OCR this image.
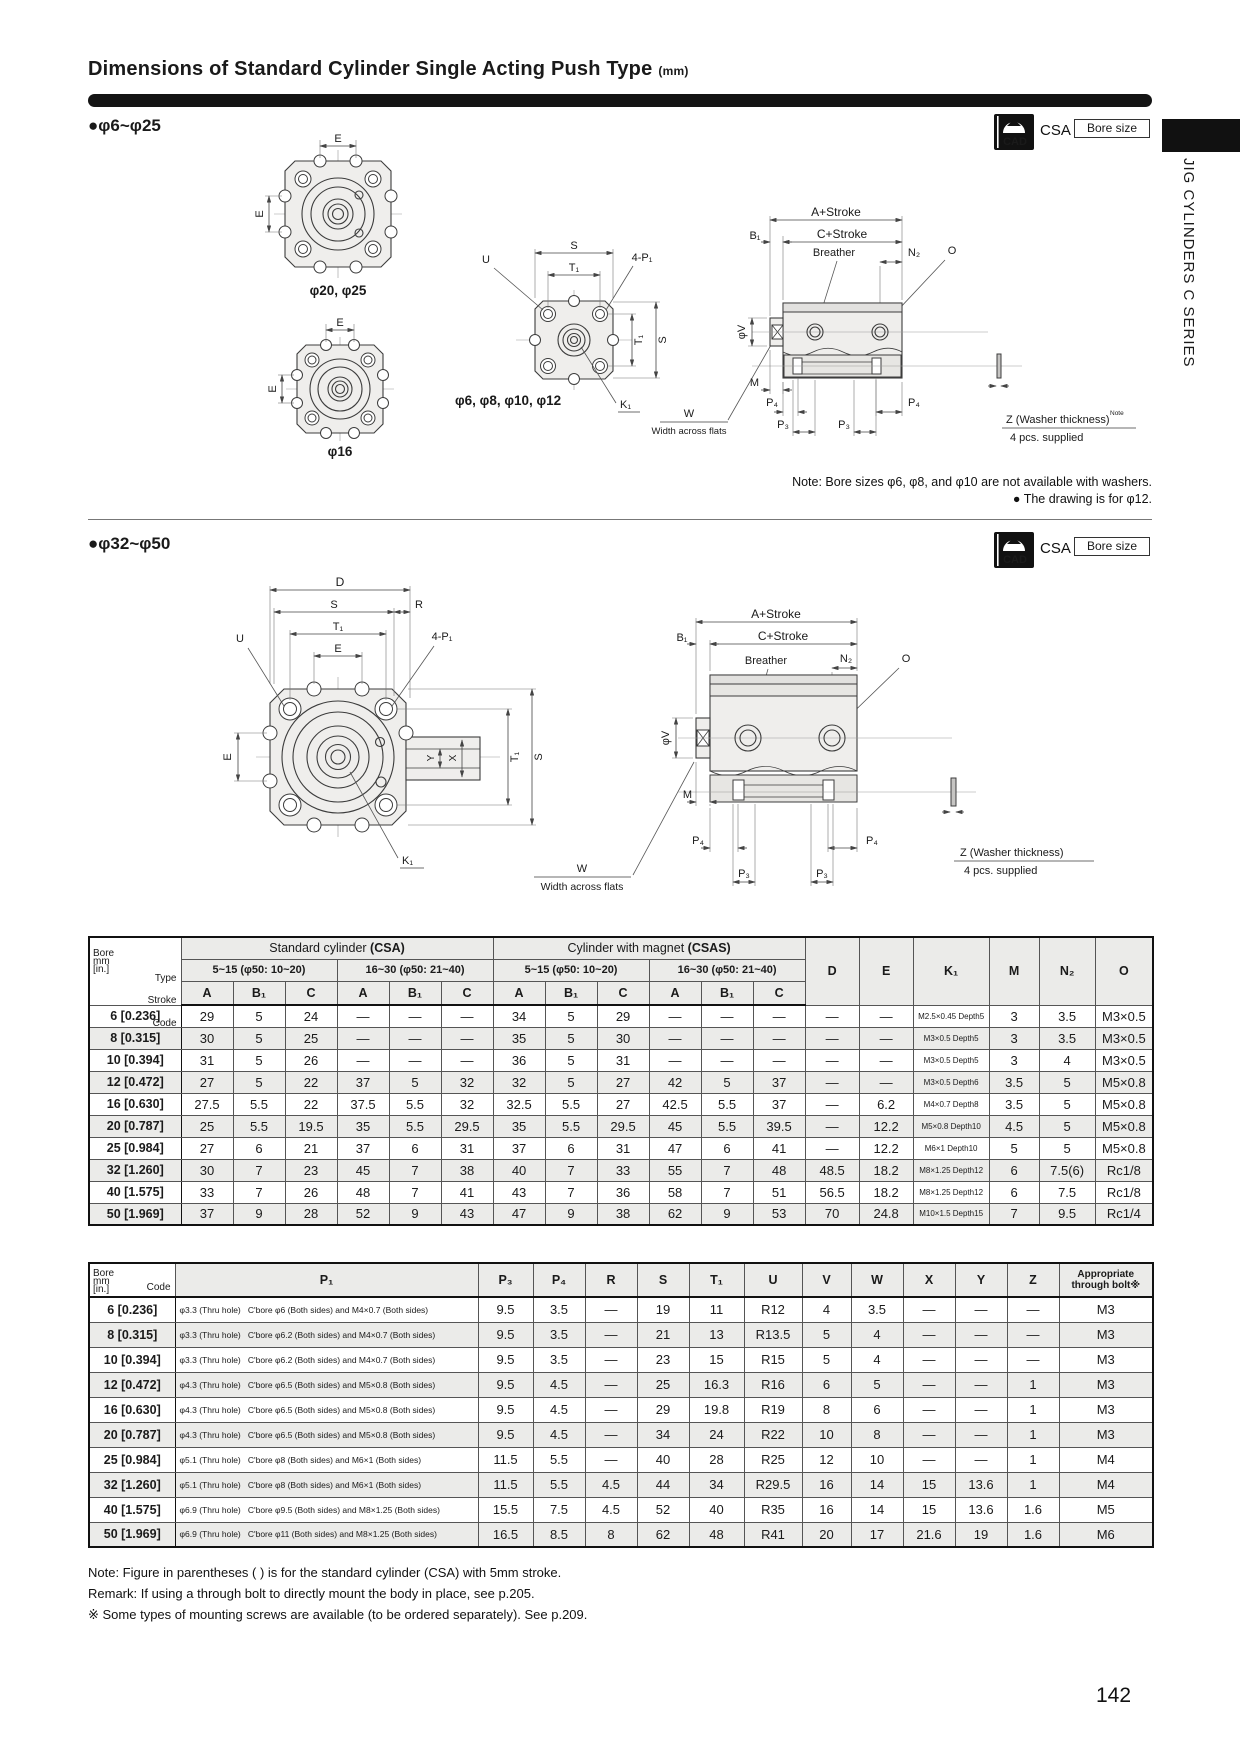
Dimensions of Standard Cylinder Single Acting Push Type (mm)
JIG CYLINDERS C SERIES
●φ6~φ25
CAD
CSA	Bore size
E
E
φ20, φ25
E
E
φ16
S
T₁
U	4-P₁
T₁ S
K₁
φ6, φ8, φ10, φ12
W
Width across flats
A+Stroke
C+Stroke
B₁
Breather	N₂	O
φV
M
P₄	P₄
P₃	P₃
Note
Z (Washer thickness)
4 pcs. supplied
Note: Bore sizes φ6, φ8, and φ10 are not available with washers.
● The drawing is for φ12.
●φ32~φ50
CAD
CSA	Bore size
D
S	R
T₁
E
U	4-P₁
E	Y X	T₁ S
K₁
W
Width across flats
A+Stroke
C+Stroke
B₁
Breather	N₂	O
φV
M
P₄	P₄
P₃	P₃
Z (Washer thickness)
4 pcs. supplied
Type
Stroke
Code
Bore

mm [in.]	Standard cylinder (CSA)						Cylinder with magnet (CSAS)						D	E	K₁	M	N₂	O
	5~15 (φ50: 10~20)			16~30 (φ50: 21~40)			5~15 (φ50: 10~20)			16~30 (φ50: 21~40)								
	A	B₁	C	A	B₁	C	A	B₁	C	A	B₁	C						
6 [0.236]	29	5	24	—	—	—	34	5	29	—	—	—	—	—	M2.5×0.45 Depth5	3	3.5	M3×0.5
8 [0.315]	30	5	25	—	—	—	35	5	30	—	—	—	—	—	M3×0.5 Depth5	3	3.5	M3×0.5
10 [0.394]	31	5	26	—	—	—	36	5	31	—	—	—	—	—	M3×0.5 Depth5	3	4	M3×0.5
12 [0.472]	27	5	22	37	5	32	32	5	27	42	5	37	—	—	M3×0.5 Depth6	3.5	5	M5×0.8
16 [0.630]	27.5	5.5	22	37.5	5.5	32	32.5	5.5	27	42.5	5.5	37	—	6.2	M4×0.7 Depth8	3.5	5	M5×0.8
20 [0.787]	25	5.5	19.5	35	5.5	29.5	35	5.5	29.5	45	5.5	39.5	—	12.2	M5×0.8 Depth10	4.5	5	M5×0.8
25 [0.984]	27	6	21	37	6	31	37	6	31	47	6	41	—	12.2	M6×1 Depth10	5	5	M5×0.8
32 [1.260]	30	7	23	45	7	38	40	7	33	55	7	48	48.5	18.2	M8×1.25 Depth12	6	7.5(6)	Rc1/8
40 [1.575]	33	7	26	48	7	41	43	7	36	58	7	51	56.5	18.2	M8×1.25 Depth12	6	7.5	Rc1/8
50 [1.969]	37	9	28	52	9	43	47	9	38	62	9	53	70	24.8	M10×1.5 Depth15	7	9.5	Rc1/4
Code
Bore

mm [in.]	P₁	P₃	P₄	R	S	T₁	U	V	W	X	Y	Z	Appropriate through bolt※
6 [0.236]	φ3.3 (Thru hole)   C'bore φ6 (Both sides) and M4×0.7 (Both sides)	9.5	3.5	—	19	11	R12	4	3.5	—	—	—	M3
8 [0.315]	φ3.3 (Thru hole)   C'bore φ6.2 (Both sides) and M4×0.7 (Both sides)	9.5	3.5	—	21	13	R13.5	5	4	—	—	—	M3
10 [0.394]	φ3.3 (Thru hole)   C'bore φ6.2 (Both sides) and M4×0.7 (Both sides)	9.5	3.5	—	23	15	R15	5	4	—	—	—	M3
12 [0.472]	φ4.3 (Thru hole)   C'bore φ6.5 (Both sides) and M5×0.8 (Both sides)	9.5	4.5	—	25	16.3	R16	6	5	—	—	1	M3
16 [0.630]	φ4.3 (Thru hole)   C'bore φ6.5 (Both sides) and M5×0.8 (Both sides)	9.5	4.5	—	29	19.8	R19	8	6	—	—	1	M3
20 [0.787]	φ4.3 (Thru hole)   C'bore φ6.5 (Both sides) and M5×0.8 (Both sides)	9.5	4.5	—	34	24	R22	10	8	—	—	1	M3
25 [0.984]	φ5.1 (Thru hole)   C'bore φ8 (Both sides) and M6×1 (Both sides)	11.5	5.5	—	40	28	R25	12	10	—	—	1	M4
32 [1.260]	φ5.1 (Thru hole)   C'bore φ8 (Both sides) and M6×1 (Both sides)	11.5	5.5	4.5	44	34	R29.5	16	14	15	13.6	1	M4
40 [1.575]	φ6.9 (Thru hole)   C'bore φ9.5 (Both sides) and M8×1.25 (Both sides)	15.5	7.5	4.5	52	40	R35	16	14	15	13.6	1.6	M5
50 [1.969]	φ6.9 (Thru hole)   C'bore φ11 (Both sides) and M8×1.25 (Both sides)	16.5	8.5	8	62	48	R41	20	17	21.6	19	1.6	M6
Note: Figure in parentheses ( ) is for the standard cylinder (CSA) with 5mm stroke.
Remark: If using a through bolt to directly mount the body in place, see p.205.
※ Some types of mounting screws are available (to be ordered separately). See p.209.
142
